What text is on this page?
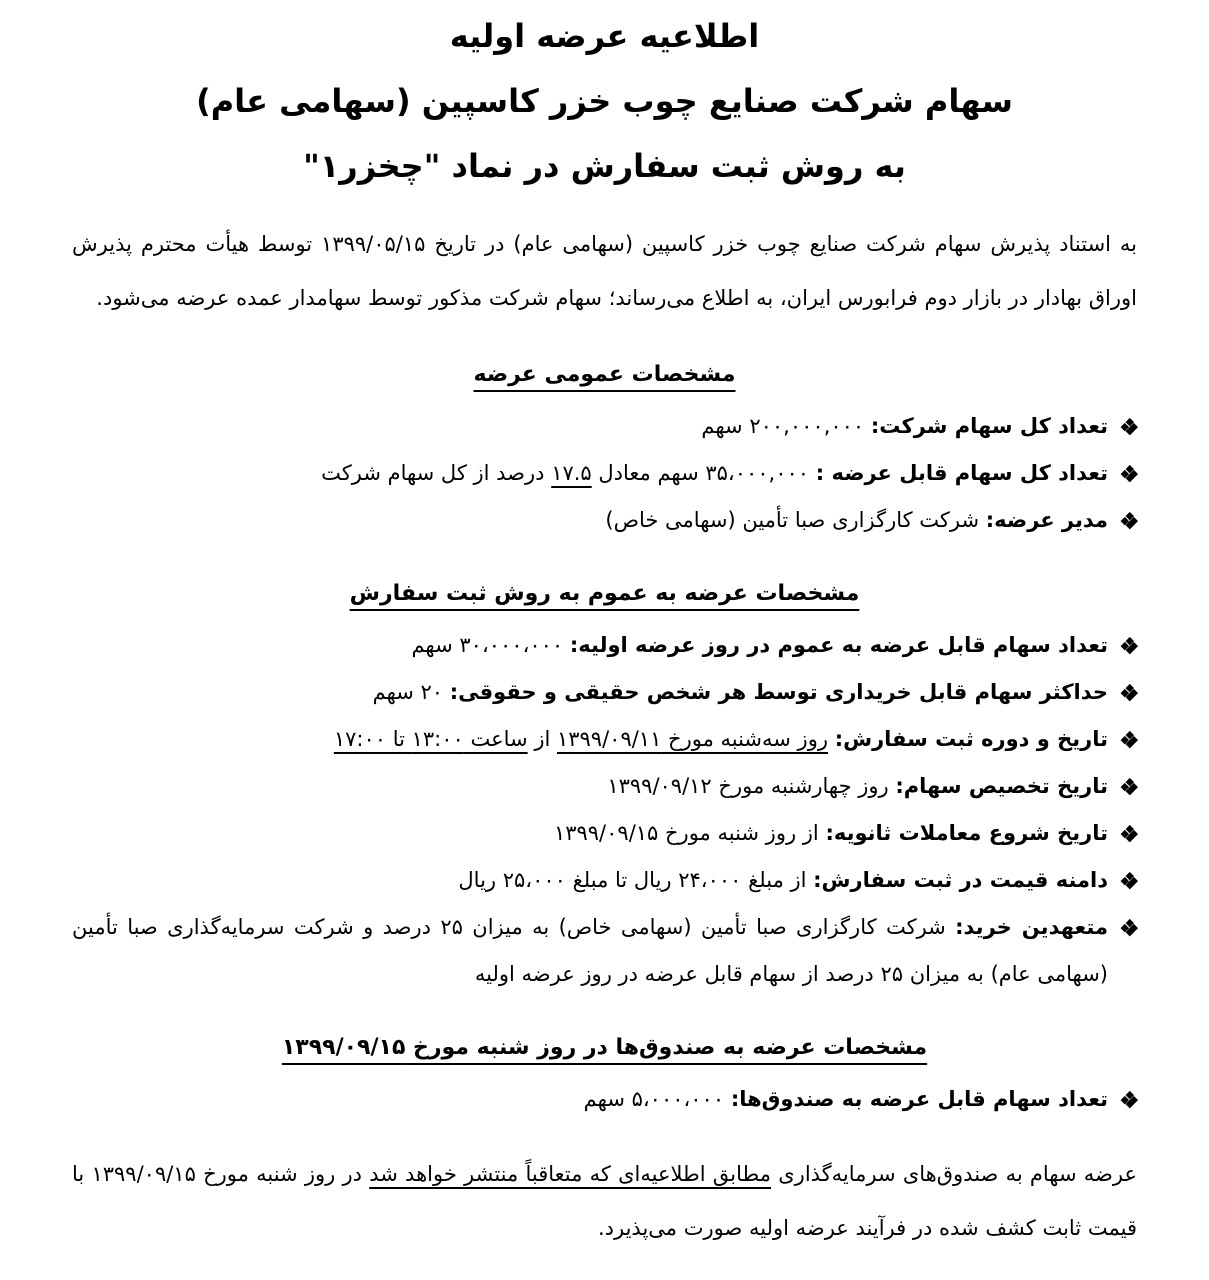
اطلاعیه عرضه اولیه
سهام شرکت صنایع چوب خزر کاسپین (سهامی عام)
به روش ثبت سفارش در نماد "چخزر۱"

به استناد پذیرش سهام شرکت صنایع چوب خزر کاسپین (سهامی عام) در تاریخ ۱۳۹۹/۰۵/۱۵ توسط هیأت محترم پذیرش اوراق بهادار در بازار دوم فرابورس ایران، به اطلاع می‌رساند؛ سهام شرکت مذکور توسط سهامدار عمده عرضه می‌شود.

مشخصات عمومی عرضه
تعداد کل سهام شرکت: ۲۰۰,۰۰۰,۰۰۰ سهم
تعداد کل سهام قابل عرضه : ۳۵،۰۰۰,۰۰۰ سهم معادل ۱۷.۵ درصد از کل سهام شرکت
مدیر عرضه: شرکت کارگزاری صبا تأمین (سهامی خاص)
مشخصات عرضه به عموم به روش ثبت سفارش
تعداد سهام قابل عرضه به عموم در روز عرضه اولیه: ۳۰،۰۰۰،۰۰۰ سهم
حداکثر سهام قابل خریداری توسط هر شخص حقیقی و حقوقی: ۲۰ سهم
تاریخ و دوره ثبت سفارش: روز سه‌شنبه مورخ ۱۳۹۹/۰۹/۱۱ از ساعت ۱۳:۰۰ تا ۱۷:۰۰
تاریخ تخصیص سهام: روز چهارشنبه مورخ ۱۳۹۹/۰۹/۱۲
تاریخ شروع معاملات ثانویه: از روز شنبه مورخ ۱۳۹۹/۰۹/۱۵
دامنه قیمت در ثبت سفارش: از مبلغ ۲۴،۰۰۰ ریال تا مبلغ ۲۵،۰۰۰ ریال
متعهدین خرید: شرکت کارگزاری صبا تأمین (سهامی خاص) به میزان ۲۵ درصد و شرکت سرمایه‌گذاری صبا تأمین (سهامی عام) به میزان ۲۵ درصد از سهام قابل عرضه در روز عرضه اولیه
مشخصات عرضه به صندوق‌ها در روز شنبه مورخ ۱۳۹۹/۰۹/۱۵
تعداد سهام قابل عرضه به صندوق‌ها: ۵،۰۰۰،۰۰۰ سهم

عرضه سهام به صندوق‌های سرمایه‌گذاری مطابق اطلاعیه‌ای که متعاقباً منتشر خواهد شد در روز شنبه مورخ ۱۳۹۹/۰۹/۱۵ با قیمت ثابت کشف شده در فرآیند عرضه اولیه صورت می‌پذیرد.
